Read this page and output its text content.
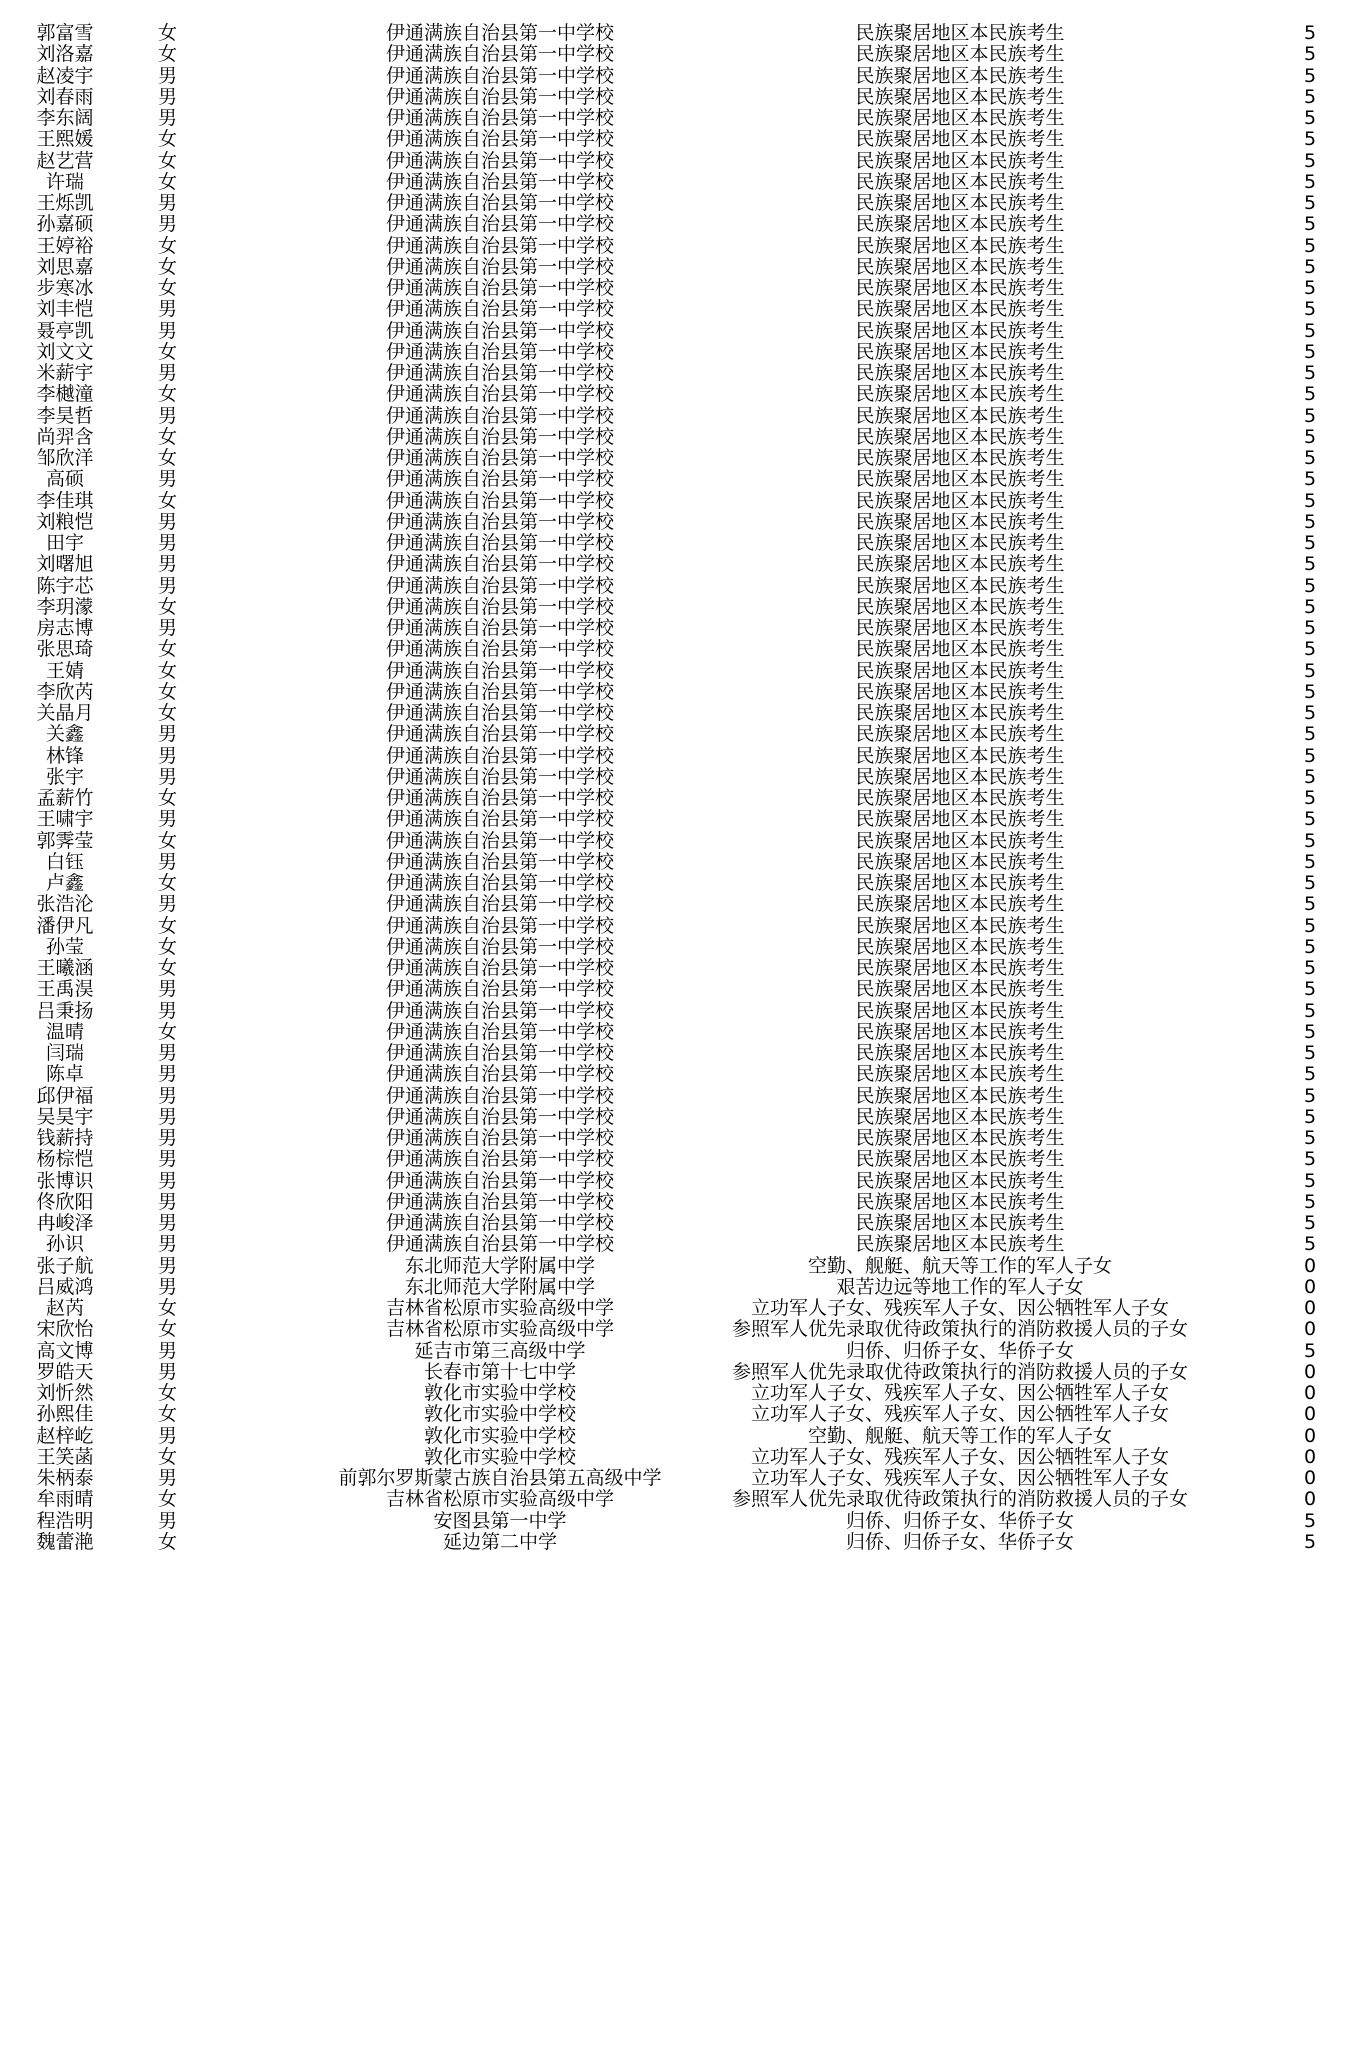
郭富雪	女	伊通满族自治县第一中学校	民族聚居地区本民族考生	5
刘洛嘉	女	伊通满族自治县第一中学校	民族聚居地区本民族考生	5
赵凌宇	男	伊通满族自治县第一中学校	民族聚居地区本民族考生	5
刘春雨	男	伊通满族自治县第一中学校	民族聚居地区本民族考生	5
李东阔	男	伊通满族自治县第一中学校	民族聚居地区本民族考生	5
王熙媛	女	伊通满族自治县第一中学校	民族聚居地区本民族考生	5
赵艺营	女	伊通满族自治县第一中学校	民族聚居地区本民族考生	5
许瑞	女	伊通满族自治县第一中学校	民族聚居地区本民族考生	5
王烁凯	男	伊通满族自治县第一中学校	民族聚居地区本民族考生	5
孙嘉硕	男	伊通满族自治县第一中学校	民族聚居地区本民族考生	5
王婷裕	女	伊通满族自治县第一中学校	民族聚居地区本民族考生	5
刘思嘉	女	伊通满族自治县第一中学校	民族聚居地区本民族考生	5
步寒冰	女	伊通满族自治县第一中学校	民族聚居地区本民族考生	5
刘丰恺	男	伊通满族自治县第一中学校	民族聚居地区本民族考生	5
聂亭凯	男	伊通满族自治县第一中学校	民族聚居地区本民族考生	5
刘文文	女	伊通满族自治县第一中学校	民族聚居地区本民族考生	5
米薪宇	男	伊通满族自治县第一中学校	民族聚居地区本民族考生	5
李樾潼	女	伊通满族自治县第一中学校	民族聚居地区本民族考生	5
李昊哲	男	伊通满族自治县第一中学校	民族聚居地区本民族考生	5
尚羿含	女	伊通满族自治县第一中学校	民族聚居地区本民族考生	5
邹欣洋	女	伊通满族自治县第一中学校	民族聚居地区本民族考生	5
高硕	男	伊通满族自治县第一中学校	民族聚居地区本民族考生	5
李佳琪	女	伊通满族自治县第一中学校	民族聚居地区本民族考生	5
刘粮恺	男	伊通满族自治县第一中学校	民族聚居地区本民族考生	5
田宇	男	伊通满族自治县第一中学校	民族聚居地区本民族考生	5
刘曙旭	男	伊通满族自治县第一中学校	民族聚居地区本民族考生	5
陈宇芯	男	伊通满族自治县第一中学校	民族聚居地区本民族考生	5
李玥濛	女	伊通满族自治县第一中学校	民族聚居地区本民族考生	5
房志博	男	伊通满族自治县第一中学校	民族聚居地区本民族考生	5
张思琦	女	伊通满族自治县第一中学校	民族聚居地区本民族考生	5
王婧	女	伊通满族自治县第一中学校	民族聚居地区本民族考生	5
李欣芮	女	伊通满族自治县第一中学校	民族聚居地区本民族考生	5
关晶月	女	伊通满族自治县第一中学校	民族聚居地区本民族考生	5
关鑫	男	伊通满族自治县第一中学校	民族聚居地区本民族考生	5
林锋	男	伊通满族自治县第一中学校	民族聚居地区本民族考生	5
张宇	男	伊通满族自治县第一中学校	民族聚居地区本民族考生	5
孟薪竹	女	伊通满族自治县第一中学校	民族聚居地区本民族考生	5
王啸宇	男	伊通满族自治县第一中学校	民族聚居地区本民族考生	5
郭霁莹	女	伊通满族自治县第一中学校	民族聚居地区本民族考生	5
白钰	男	伊通满族自治县第一中学校	民族聚居地区本民族考生	5
卢鑫	女	伊通满族自治县第一中学校	民族聚居地区本民族考生	5
张浩沦	男	伊通满族自治县第一中学校	民族聚居地区本民族考生	5
潘伊凡	女	伊通满族自治县第一中学校	民族聚居地区本民族考生	5
孙莹	女	伊通满族自治县第一中学校	民族聚居地区本民族考生	5
王曦涵	女	伊通满族自治县第一中学校	民族聚居地区本民族考生	5
王禹淏	男	伊通满族自治县第一中学校	民族聚居地区本民族考生	5
吕秉扬	男	伊通满族自治县第一中学校	民族聚居地区本民族考生	5
温晴	女	伊通满族自治县第一中学校	民族聚居地区本民族考生	5
闫瑞	男	伊通满族自治县第一中学校	民族聚居地区本民族考生	5
陈卓	男	伊通满族自治县第一中学校	民族聚居地区本民族考生	5
邱伊福	男	伊通满族自治县第一中学校	民族聚居地区本民族考生	5
吴昊宇	男	伊通满族自治县第一中学校	民族聚居地区本民族考生	5
钱薪持	男	伊通满族自治县第一中学校	民族聚居地区本民族考生	5
杨棕恺	男	伊通满族自治县第一中学校	民族聚居地区本民族考生	5
张博识	男	伊通满族自治县第一中学校	民族聚居地区本民族考生	5
佟欣阳	男	伊通满族自治县第一中学校	民族聚居地区本民族考生	5
冉峻泽	男	伊通满族自治县第一中学校	民族聚居地区本民族考生	5
孙识	男	伊通满族自治县第一中学校	民族聚居地区本民族考生	5
张子航	男	东北师范大学附属中学	空勤、舰艇、航天等工作的军人子女	0
吕威鸿	男	东北师范大学附属中学	艰苦边远等地工作的军人子女	0
赵芮	女	吉林省松原市实验高级中学	立功军人子女、残疾军人子女、因公牺牲军人子女	0
宋欣怡	女	吉林省松原市实验高级中学	参照军人优先录取优待政策执行的消防救援人员的子女	0
高文博	男	延吉市第三高级中学	归侨、归侨子女、华侨子女	5
罗皓天	男	长春市第十七中学	参照军人优先录取优待政策执行的消防救援人员的子女	0
刘忻然	女	敦化市实验中学校	立功军人子女、残疾军人子女、因公牺牲军人子女	0
孙熙佳	女	敦化市实验中学校	立功军人子女、残疾军人子女、因公牺牲军人子女	0
赵梓屹	男	敦化市实验中学校	空勤、舰艇、航天等工作的军人子女	0
王笑菡	女	敦化市实验中学校	立功军人子女、残疾军人子女、因公牺牲军人子女	0
朱柄泰	男	前郭尔罗斯蒙古族自治县第五高级中学	立功军人子女、残疾军人子女、因公牺牲军人子女	0
牟雨晴	女	吉林省松原市实验高级中学	参照军人优先录取优待政策执行的消防救援人员的子女	0
程浩明	男	安图县第一中学	归侨、归侨子女、华侨子女	5
魏蕾滟	女	延边第二中学	归侨、归侨子女、华侨子女	5
